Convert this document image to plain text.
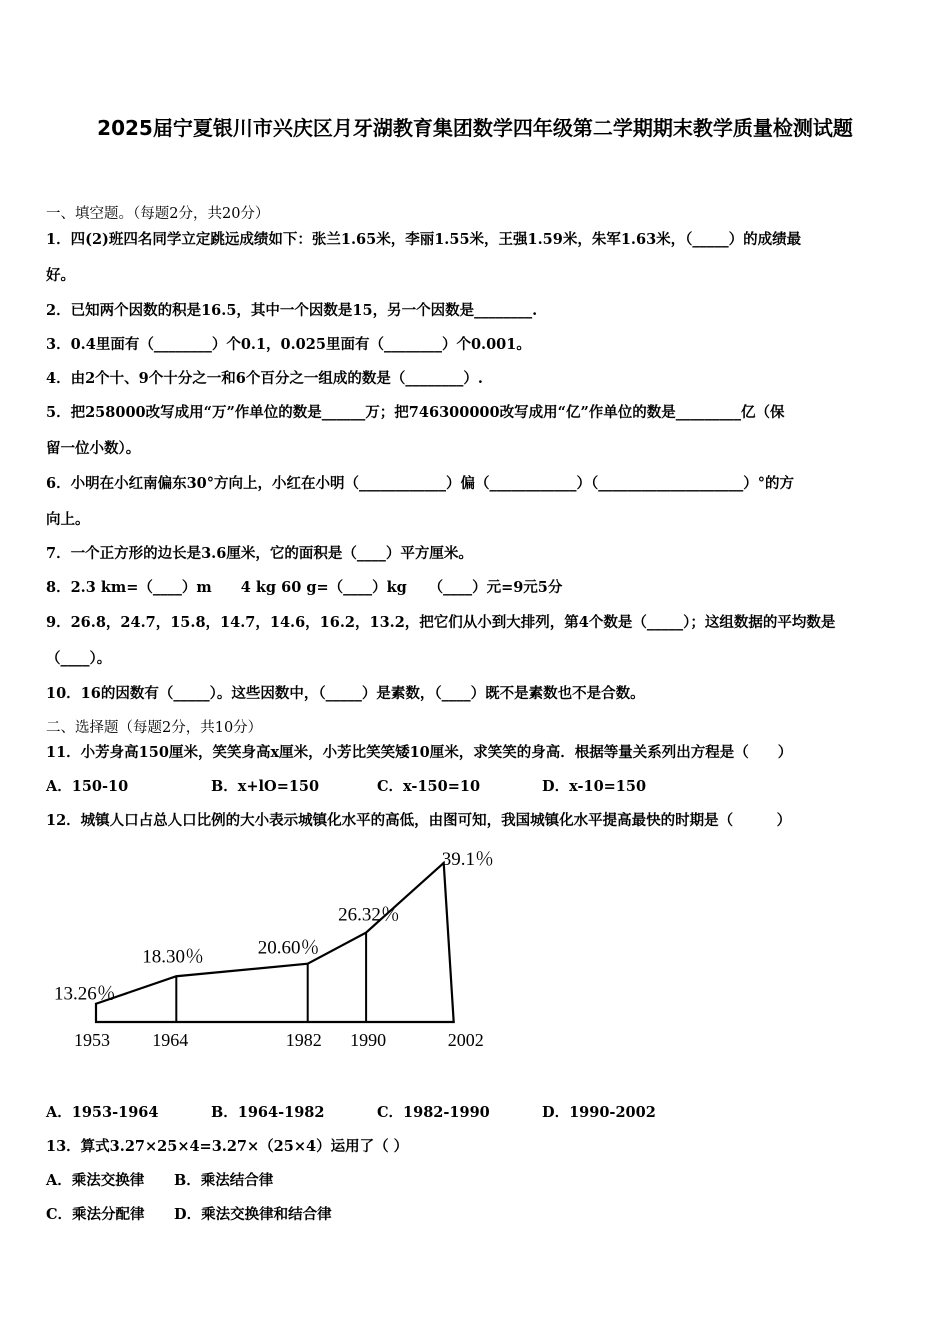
2025届宁夏银川市兴庆区月牙湖教育集团数学四年级第二学期期末教学质量检测试题
一、填空题。（每题2分，共20分）
1．四(2)班四名同学立定跳远成绩如下：张兰1.65米，李丽1.55米，王强1.59米，朱军1.63米，（_____）的成绩最
好。
2．已知两个因数的积是16.5，其中一个因数是15，另一个因数是________.
3．0.4里面有（________）个0.1，0.025里面有（________）个0.001。
4．由2个十、9个十分之一和6个百分之一组成的数是（________）.
5．把258000改写成用“万”作单位的数是______万；把746300000改写成用“亿”作单位的数是_________亿（保
留一位小数）。
6．小明在小红南偏东30°方向上，小红在小明（____________）偏（____________）（____________________）°的方
向上。
7．一个正方形的边长是3.6厘米，它的面积是（____）平方厘米。
8．2.3 km=（____）m　　4 kg 60 g=（____）kg　　（____）元=9元5分
9．26.8，24.7，15.8，14.7，14.6，16.2，13.2，把它们从小到大排列，第4个数是（_____）；这组数据的平均数是
（____）。
10．16的因数有（_____）。这些因数中，（_____）是素数，（____）既不是素数也不是合数。
二、选择题（每题2分，共10分）
11．小芳身高150厘米，笑笑身高x厘米，小芳比笑笑矮10厘米，求笑笑的身高．根据等量关系列出方程是（　　）
A．150-10	B．x+lO=150	C．x-150=10	D．x-10=150
12．城镇人口占总人口比例的大小表示城镇化水平的高低，由图可知，我国城镇化水平提高最快的时期是（　　　）
13.26％
18.30％	20.60％
26.32％
39.1％
1953 1964	1982 1990	2002
A．1953-1964	B．1964-1982	C．1982-1990	D．1990-2002
13．算式3.27×25×4=3.27×（25×4）运用了（ ）
A．乘法交换律 B．乘法结合律
C．乘法分配律 D．乘法交换律和结合律
